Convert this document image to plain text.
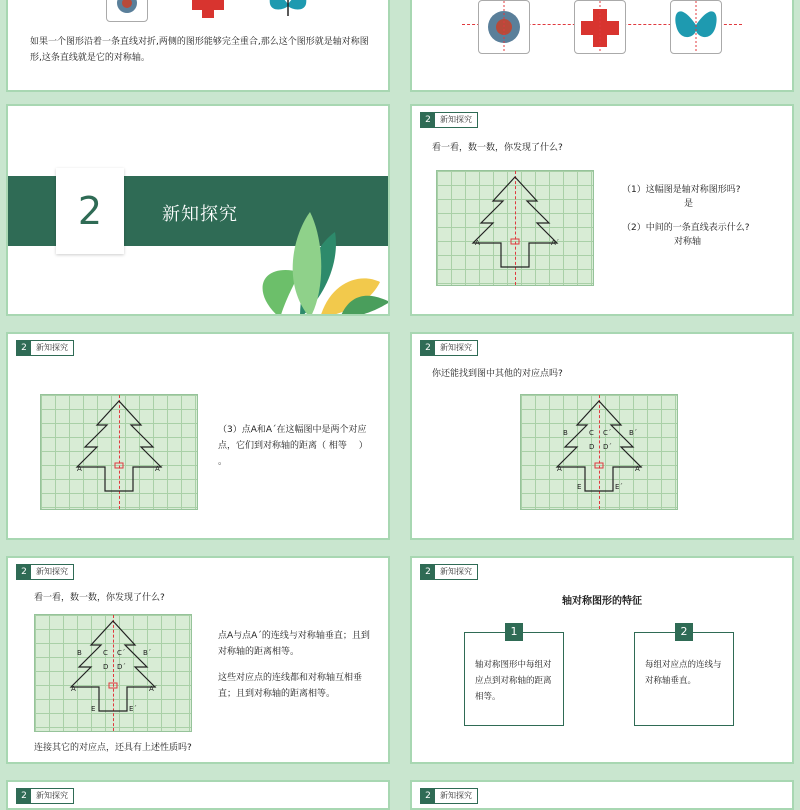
如果一个图形沿着一条直线对折,两侧的图形能够完全重合,那么这个图形就是轴对称图形,这条直线就是它的对称轴。
2	新知探究
2	新知探究
看一看，数一数，你发现了什么?
A	A´
（1）这幅图是轴对称图形吗?
是
（2）中间的一条直线表示什么?
对称轴
2	新知探究
A	A´
（3）点A和A´在这幅图中是两个对应点，它们到对称轴的距离（ 相等　 ）
。
2	新知探究
你还能找到图中其他的对应点吗?
B	C C´	B´
D D´
A	A´
E	E´
2	新知探究
看一看，数一数，你发现了什么?
B	C C´	B´
D D´
A	A´
E	E´
点A与点A´的连线与对称轴垂直；且到对称轴的距离相等。
这些对应点的连线都和对称轴互相垂直；且到对称轴的距离相等。
连接其它的对应点，还具有上述性质吗?
2	新知探究
轴对称图形的特征
1
轴对称图形中每组对应点到对称轴的距离相等。
2
每组对应点的连线与对称轴垂直。
2	新知探究	2	新知探究
